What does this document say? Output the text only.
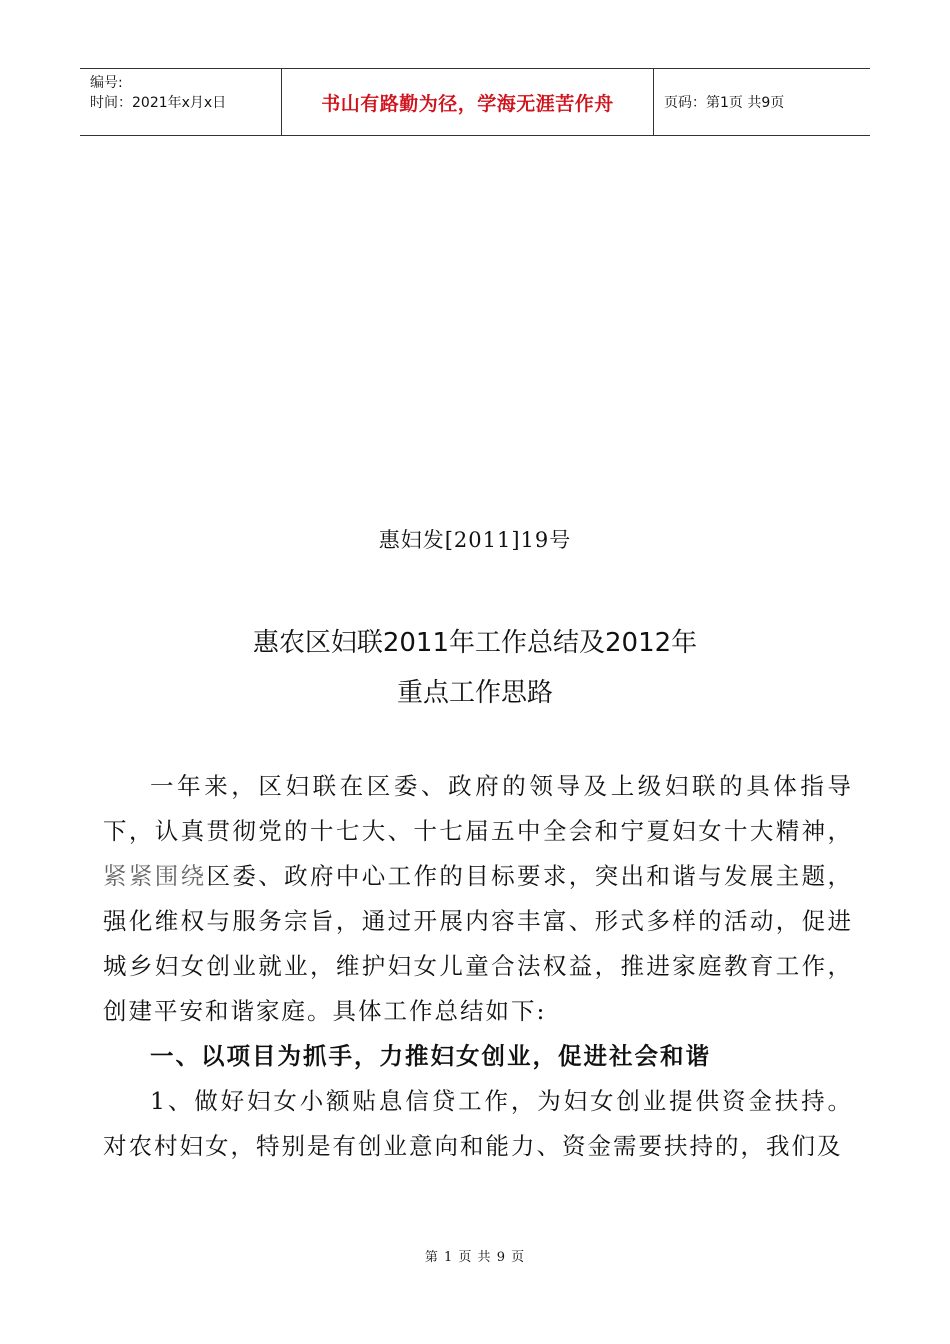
编号:
时间：2021年x月x日	书山有路勤为径，学海无涯苦作舟	页码：第1页 共9页
惠妇发[2011]19号
惠农区妇联2011年工作总结及2012年
重点工作思路

一年来，区妇联在区委、政府的领导及上级妇联的具体指导下，认真贯彻党的十七大、十七届五中全会和宁夏妇女十大精神，紧紧围绕区委、政府中心工作的目标要求，突出和谐与发展主题，强化维权与服务宗旨，通过开展内容丰富、形式多样的活动，促进城乡妇女创业就业，维护妇女儿童合法权益，推进家庭教育工作，创建平安和谐家庭。具体工作总结如下:

一、以项目为抓手，力推妇女创业，促进社会和谐

1、做好妇女小额贴息信贷工作，为妇女创业提供资金扶持。对农村妇女，特别是有创业意向和能力、资金需要扶持的，我们及

第 1 页 共 9 页
